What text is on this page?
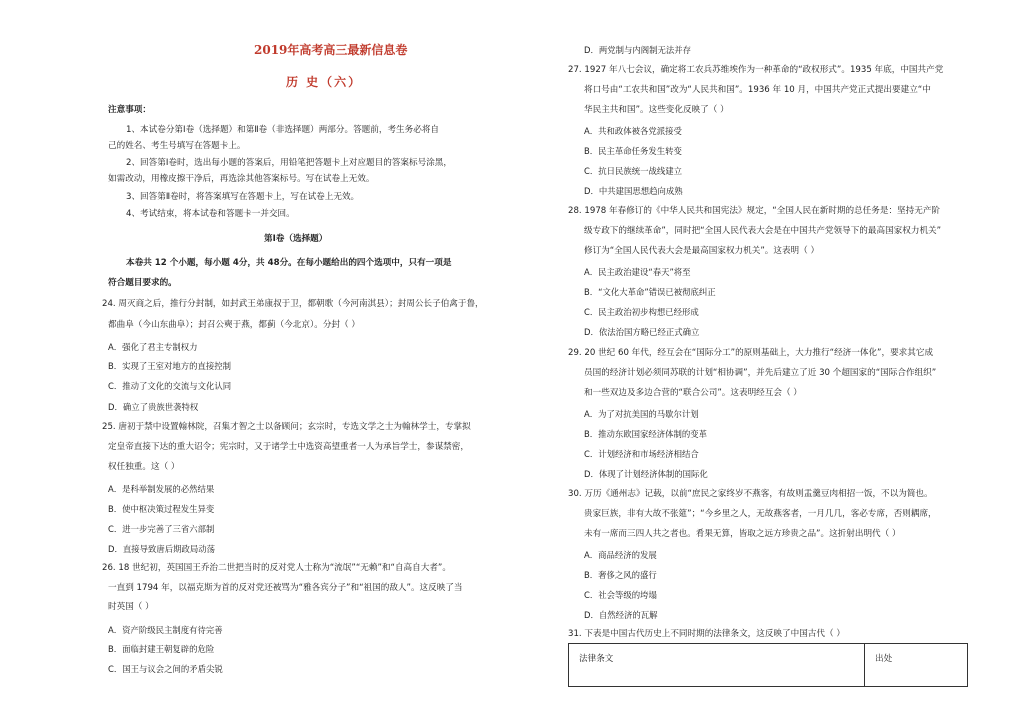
2019年高考高三最新信息卷
历 史（六）
注意事项：
1、本试卷分第Ⅰ卷（选择题）和第Ⅱ卷（非选择题）两部分。答题前，考生务必将自
己的姓名、考生号填写在答题卡上。
2、回答第Ⅰ卷时，选出每小题的答案后，用铅笔把答题卡上对应题目的答案标号涂黑，
如需改动，用橡皮擦干净后，再选涂其他答案标号。写在试卷上无效。
3、回答第Ⅱ卷时，将答案填写在答题卡上，写在试卷上无效。
4、考试结束，将本试卷和答题卡一并交回。
第Ⅰ卷（选择题）
本卷共 12 个小题，每小题 4分，共 48分。在每小题给出的四个选项中，只有一项是
符合题目要求的。
24. 周灭商之后，推行分封制，如封武王弟康叔于卫，都朝歌（今河南淇县）；封周公长子伯禽于鲁，
都曲阜（今山东曲阜）；封召公奭于燕，都蓟（今北京）。分封（ ）
A．强化了君主专制权力
B．实现了王室对地方的直接控制
C．推动了文化的交流与文化认同
D．确立了贵族世袭特权
25. 唐初于禁中设置翰林院，召集才智之士以备顾问；玄宗时，专选文学之士为翰林学士，专掌拟
定皇帝直接下达的重大诏令；宪宗时，又于诸学士中选资高望重者一人为承旨学士，参谋禁密，
权任独重。这（ ）
A．是科举制发展的必然结果
B．使中枢决策过程发生异变
C．进一步完善了三省六部制
D．直接导致唐后期政局动荡
26. 18 世纪初，英国国王乔治二世把当时的反对党人士称为“流氓”“无赖”和“自高自大者”。
一直到 1794 年，以福克斯为首的反对党还被骂为“雅各宾分子”和“祖国的敌人”。这反映了当
时英国（ ）
A．资产阶级民主制度有待完善
B．面临封建王朝复辟的危险
C．国王与议会之间的矛盾尖锐
D．两党制与内阁制无法并存
27. 1927 年八七会议，确定将工农兵苏维埃作为一种革命的“政权形式”。1935 年底，中国共产党
将口号由“工农共和国”改为“人民共和国”。1936 年 10 月，中国共产党正式提出要建立“中
华民主共和国”。这些变化反映了（ ）
A．共和政体被各党派接受
B．民主革命任务发生转变
C．抗日民族统一战线建立
D．中共建国思想趋向成熟
28. 1978 年春修订的《中华人民共和国宪法》规定，“全国人民在新时期的总任务是：坚持无产阶
级专政下的继续革命”，同时把“全国人民代表大会是在中国共产党领导下的最高国家权力机关”
修订为“全国人民代表大会是最高国家权力机关”。这表明（ ）
A．民主政治建设“春天”将至
B．“文化大革命”错误已被彻底纠正
C．民主政治初步构想已经形成
D．依法治国方略已经正式确立
29. 20 世纪 60 年代，经互会在“国际分工”的原则基础上，大力推行“经济一体化”，要求其它成
员国的经济计划必须同苏联的计划“相协调”，并先后建立了近 30 个超国家的“国际合作组织”
和一些双边及多边合营的“联合公司”。这表明经互会（ ）
A．为了对抗美国的马歇尔计划
B．推动东欧国家经济体制的变革
C．计划经济和市场经济相结合
D．体现了计划经济体制的国际化
30. 万历《通州志》记载，以前“庶民之家终岁不燕客，有故则盂羹豆肉相招一饭，不以为简也。
贵家巨族，非有大故不张筵”；“今乡里之人，无故燕客者，一月几几，客必专席，否则耦席，
未有一席而三四人共之者也。肴果无算，皆取之远方珍贵之品”。这折射出明代（ ）
A．商品经济的发展
B．奢侈之风的盛行
C．社会等级的垮塌
D．自然经济的瓦解
31. 下表是中国古代历史上不同时期的法律条文，这反映了中国古代（ ）
法律条文	出处
